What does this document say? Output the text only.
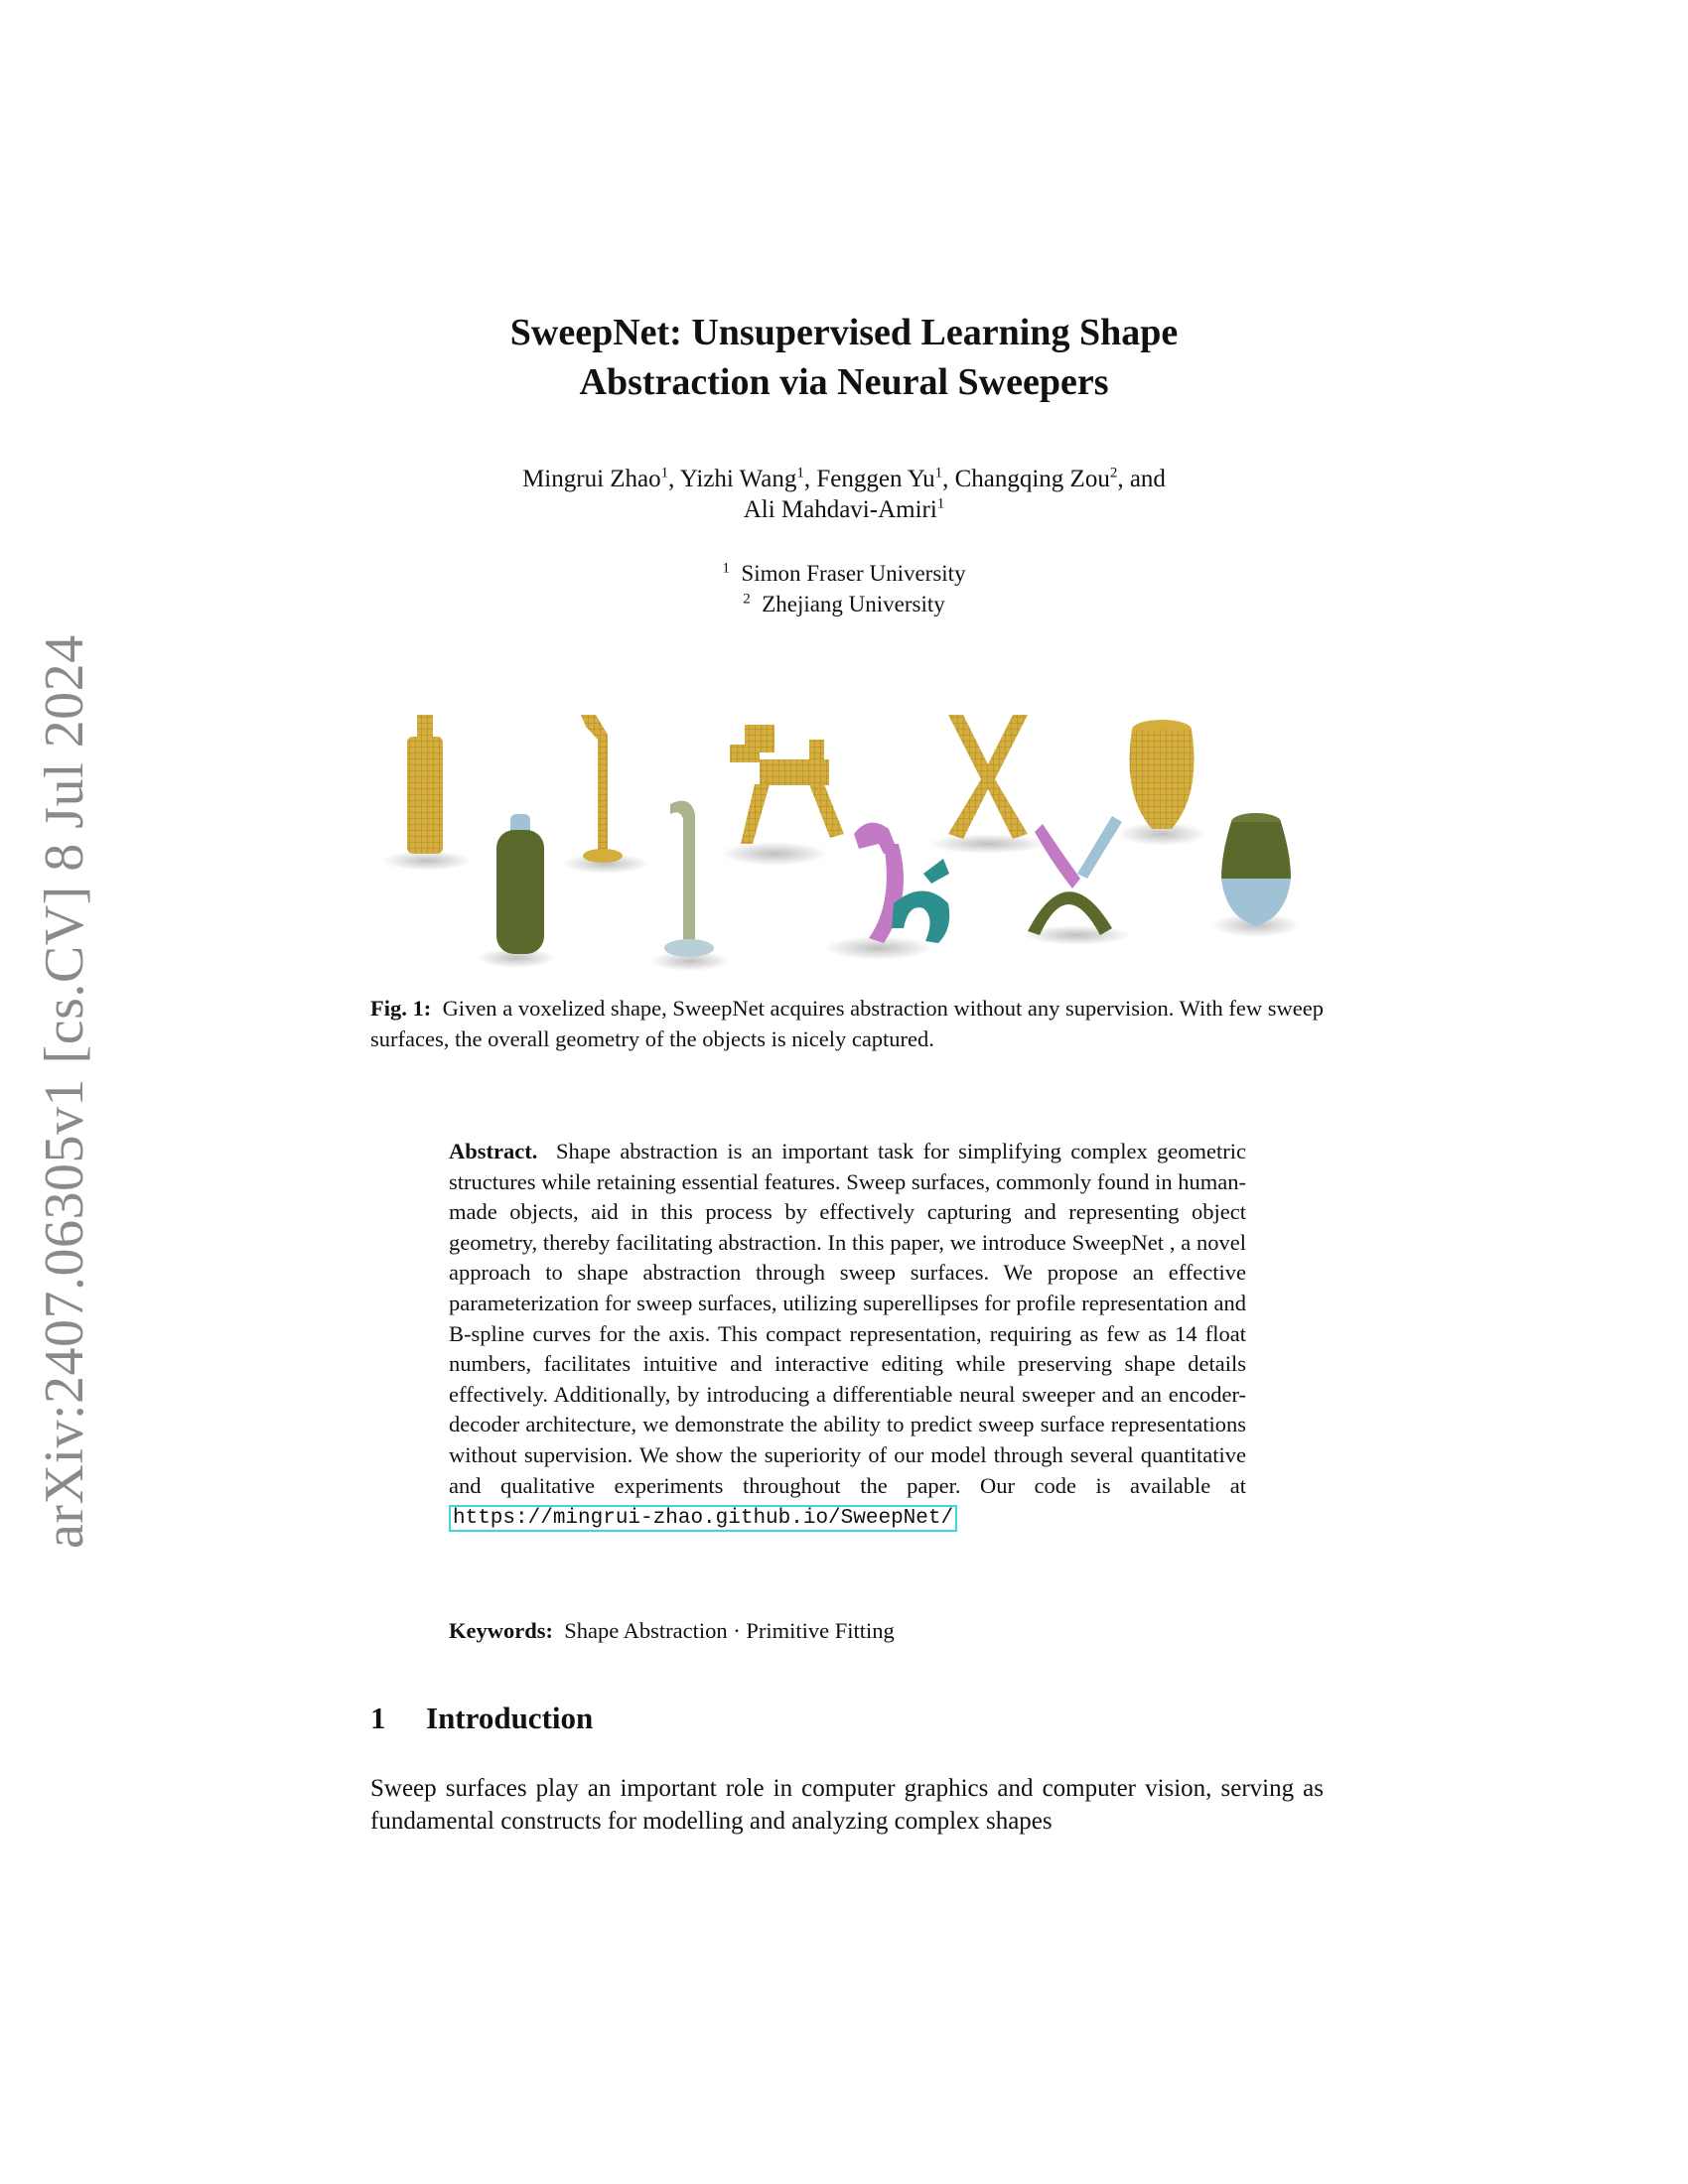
arXiv:2407.06305v1 [cs.CV] 8 Jul 2024
SweepNet: Unsupervised Learning Shape
Abstraction via Neural Sweepers
Mingrui Zhao$^1$, Yizhi Wang$^1$, Fenggen Yu$^1$, Changqing Zou$^2$, and
Ali Mahdavi-Amiri$^1$
$^1$ Simon Fraser University
$^2$ Zhejiang University
Fig. 1: Given a voxelized shape, SweepNet acquires abstraction without any supervision. With few sweep surfaces, the overall geometry of the objects is nicely captured.
Abstract. Shape abstraction is an important task for simplifying complex geometric structures while retaining essential features. Sweep surfaces, commonly found in human-made objects, aid in this process by effectively capturing and representing object geometry, thereby facilitating abstraction. In this paper, we introduce SweepNet , a novel approach to shape abstraction through sweep surfaces. We propose an effective parameterization for sweep surfaces, utilizing superellipses for profile representation and B-spline curves for the axis. This compact representation, requiring as few as 14 float numbers, facilitates intuitive and interactive editing while preserving shape details effectively. Additionally, by introducing a differentiable neural sweeper and an encoder-decoder architecture, we demonstrate the ability to predict sweep surface representations without supervision. We show the superiority of our model through several quantitative and qualitative experiments throughout the paper. Our code is available at https://mingrui-zhao.github.io/SweepNet/
Keywords: Shape Abstraction · Primitive Fitting
1 Introduction
Sweep surfaces play an important role in computer graphics and computer vision, serving as fundamental constructs for modelling and analyzing complex shapes
